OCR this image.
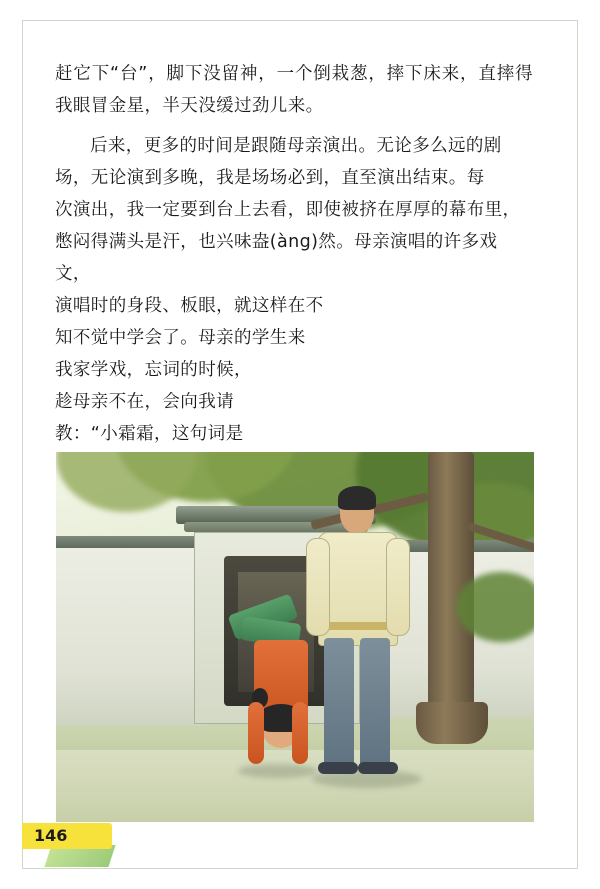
赶它下“台”，脚下没留神，一个倒栽葱，摔下床来，直摔得我眼冒金星，半天没缓过劲儿来。

后来，更多的时间是跟随母亲演出。无论多么远的剧
场，无论演到多晚，我是场场必到，直至演出结束。每
次演出，我一定要到台上去看，即使被挤在厚厚的幕布里，
憋闷得满头是汗，也兴味盎(àng)然。母亲演唱的许多戏文，
演唱时的身段、板眼，就这样在不
知不觉中学会了。母亲的学生来
我家学戏，忘词的时候，
趁母亲不在，会向我请
教：“小霜霜，这句词是
146
